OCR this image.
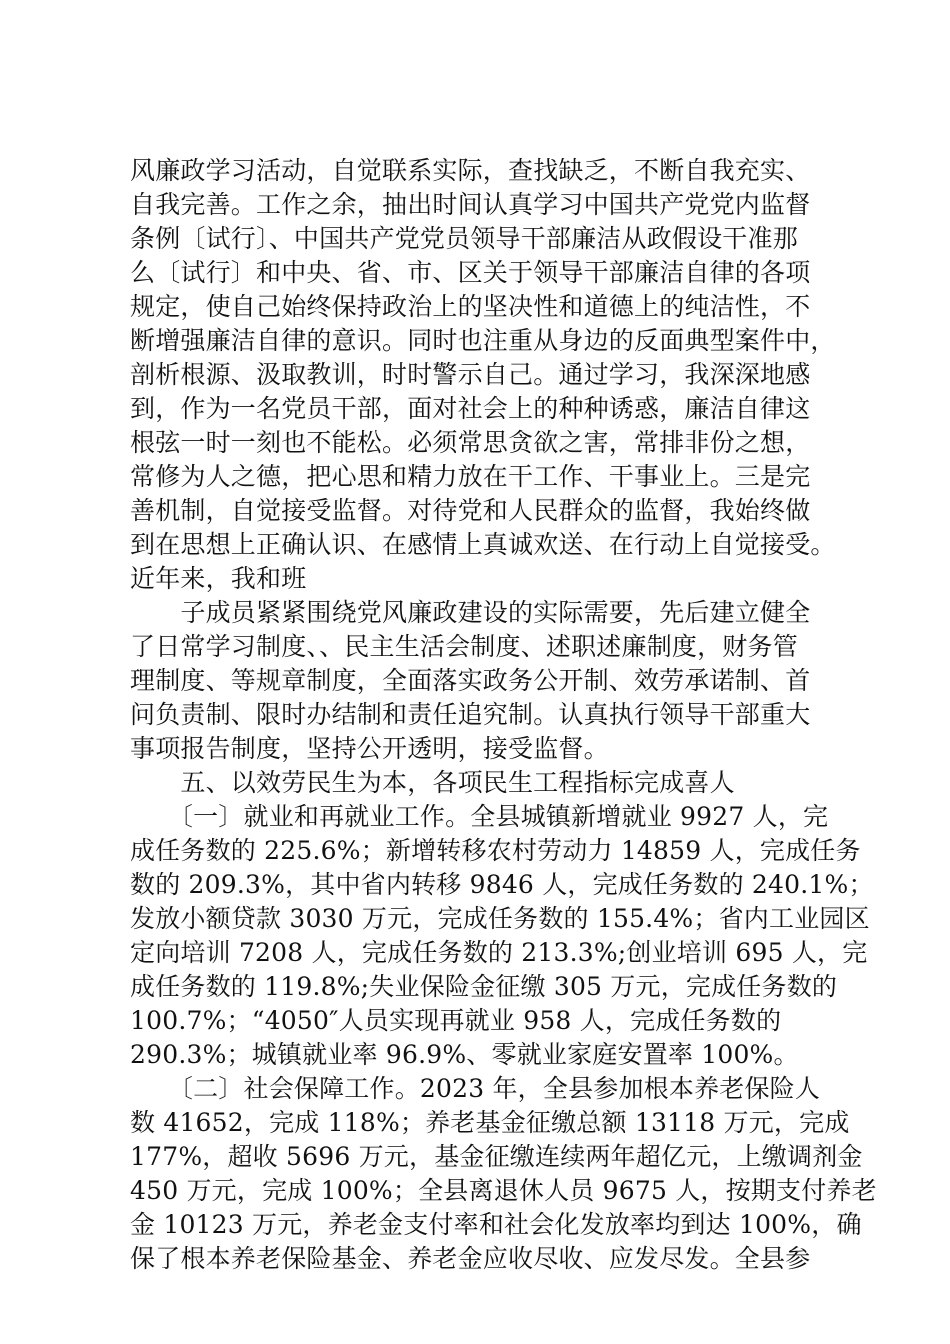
风廉政学习活动，自觉联系实际，查找缺乏，不断自我充实、
自我完善。工作之余，抽出时间认真学习中国共产党党内监督
条例〔试行〕、中国共产党党员领导干部廉洁从政假设干准那
么〔试行〕和中央、省、市、区关于领导干部廉洁自律的各项
规定，使自己始终保持政治上的坚决性和道德上的纯洁性，不
断增强廉洁自律的意识。同时也注重从身边的反面典型案件中，
剖析根源、汲取教训，时时警示自己。通过学习，我深深地感
到，作为一名党员干部，面对社会上的种种诱惑，廉洁自律这
根弦一时一刻也不能松。必须常思贪欲之害，常排非份之想，
常修为人之德，把心思和精力放在干工作、干事业上。三是完
善机制，自觉接受监督。对待党和人民群众的监督，我始终做
到在思想上正确认识、在感情上真诚欢送、在行动上自觉接受。
近年来，我和班
　　子成员紧紧围绕党风廉政建设的实际需要，先后建立健全
了日常学习制度、、民主生活会制度、述职述廉制度，财务管
理制度、等规章制度，全面落实政务公开制、效劳承诺制、首
问负责制、限时办结制和责任追究制。认真执行领导干部重大
事项报告制度，坚持公开透明，接受监督。
　　五、以效劳民生为本，各项民生工程指标完成喜人
　　〔一〕就业和再就业工作。全县城镇新增就业 9927 人，完
成任务数的 225.6%；新增转移农村劳动力 14859 人，完成任务
数的 209.3%，其中省内转移 9846 人，完成任务数的 240.1%；
发放小额贷款 3030 万元，完成任务数的 155.4%；省内工业园区
定向培训 7208 人，完成任务数的 213.3%;创业培训 695 人，完
成任务数的 119.8%;失业保险金征缴 305 万元，完成任务数的
100.7%；“4050″人员实现再就业 958 人，完成任务数的
290.3%；城镇就业率 96.9%、零就业家庭安置率 100%。
　　〔二〕社会保障工作。2023 年，全县参加根本养老保险人
数 41652，完成 118%；养老基金征缴总额 13118 万元，完成
177%，超收 5696 万元，基金征缴连续两年超亿元，上缴调剂金
450 万元，完成 100%；全县离退休人员 9675 人，按期支付养老
金 10123 万元，养老金支付率和社会化发放率均到达 100%，确
保了根本养老保险基金、养老金应收尽收、应发尽发。全县参
